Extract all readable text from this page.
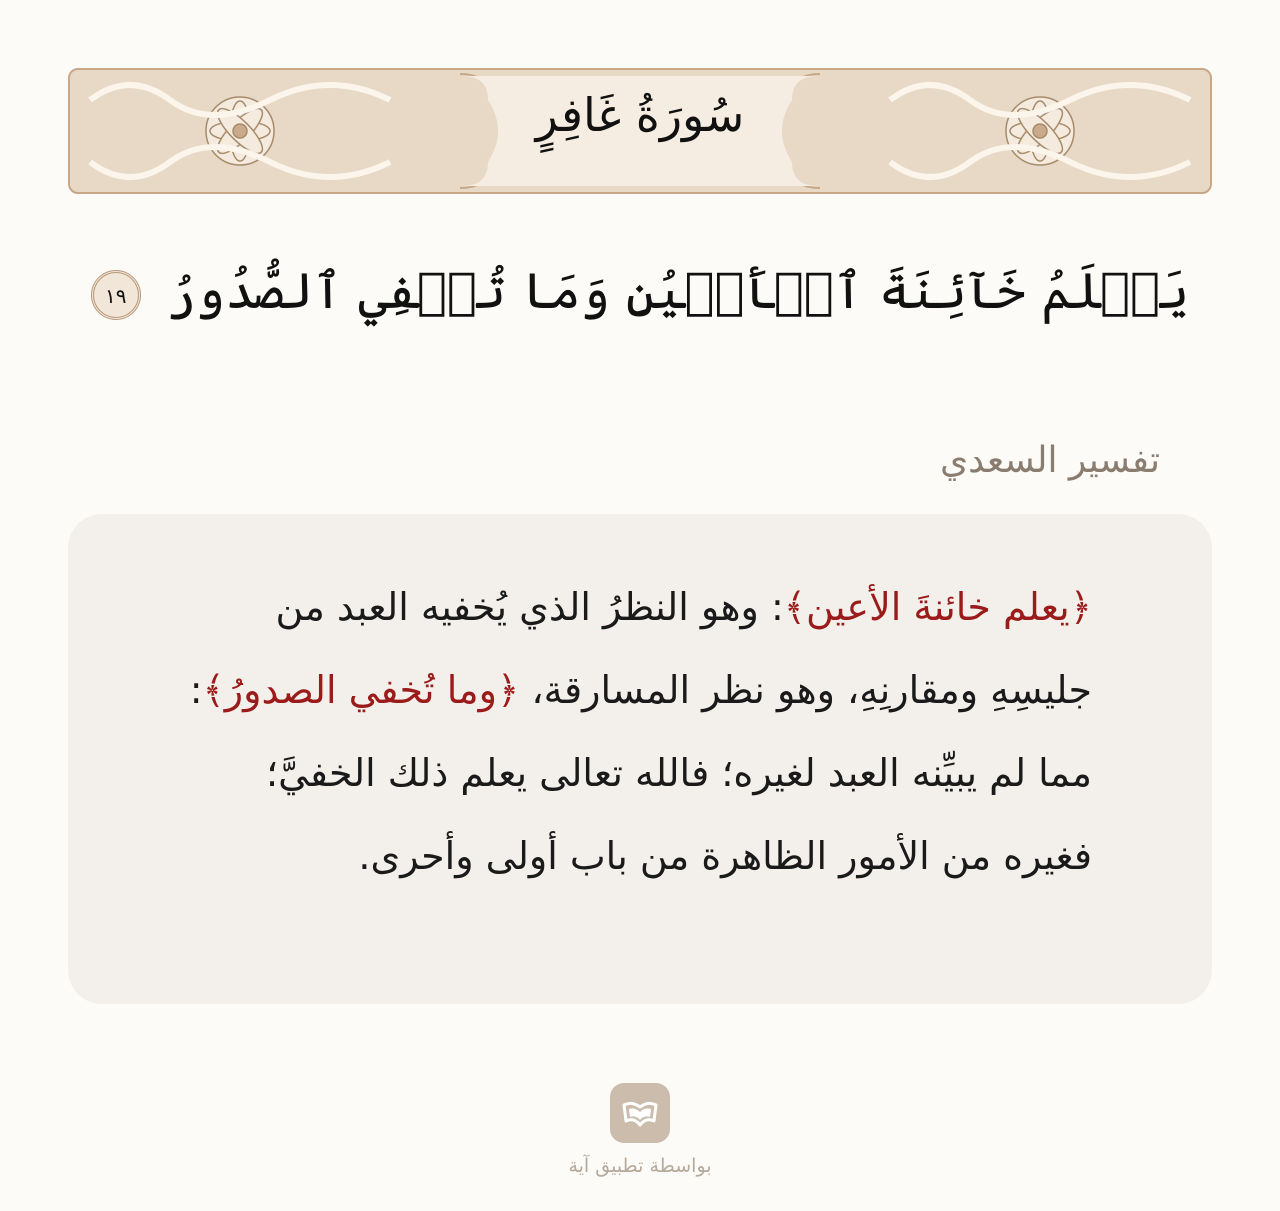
سُورَةُ غَافِرٍ
يَعۡلَمُ خَآئِنَةَ ٱلۡأَعۡيُنِ وَمَا تُخۡفِي ٱلصُّدُورُ ١٩
تفسير السعدي

﴿يعلم خائنةَ الأعين﴾: وهو النظرُ الذي يُخفيه العبد من جليسِهِ ومقارنِهِ، وهو نظر المسارقة، ﴿وما تُخفي الصدورُ﴾: مما لم يبيِّنه العبد لغيره؛ فالله تعالى يعلم ذلك الخفيَّ؛ فغيره من الأمور الظاهرة من باب أولى وأحرى.

بواسطة تطبيق آية
